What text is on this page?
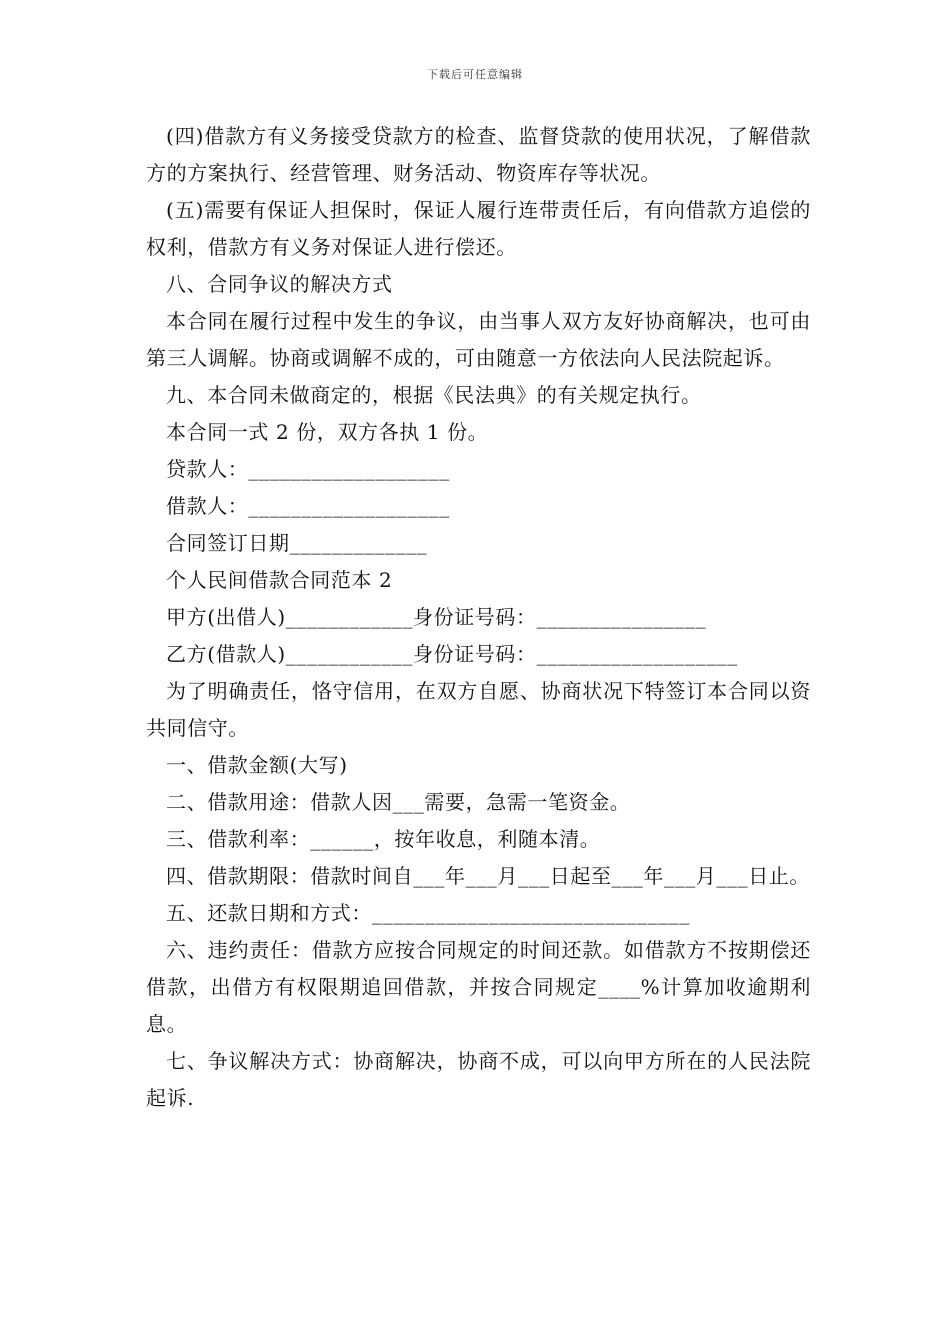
下载后可任意编辑

(四)借款方有义务接受贷款方的检查、监督贷款的使用状况，了解借款方的方案执行、经营管理、财务活动、物资库存等状况。

(五)需要有保证人担保时，保证人履行连带责任后，有向借款方追偿的权利，借款方有义务对保证人进行偿还。

八、合同争议的解决方式

本合同在履行过程中发生的争议，由当事人双方友好协商解决，也可由第三人调解。协商或调解不成的，可由随意一方依法向人民法院起诉。

九、本合同未做商定的，根据《民法典》的有关规定执行。

本合同一式 2 份，双方各执 1 份。

贷款人：___________________

借款人：___________________

合同签订日期_____________

个人民间借款合同范本 2

甲方(出借人)____________身份证号码：________________

乙方(借款人)____________身份证号码：___________________

为了明确责任，恪守信用，在双方自愿、协商状况下特签订本合同以资共同信守。

一、借款金额(大写)

二、借款用途：借款人因___需要，急需一笔资金。

三、借款利率：______，按年收息，利随本清。

四、借款期限：借款时间自___年___月___日起至___年___月___日止。

五、还款日期和方式：______________________________

六、违约责任：借款方应按合同规定的时间还款。如借款方不按期偿还借款，出借方有权限期追回借款，并按合同规定____%计算加收逾期利息。

七、争议解决方式：协商解决，协商不成，可以向甲方所在的人民法院起诉.
